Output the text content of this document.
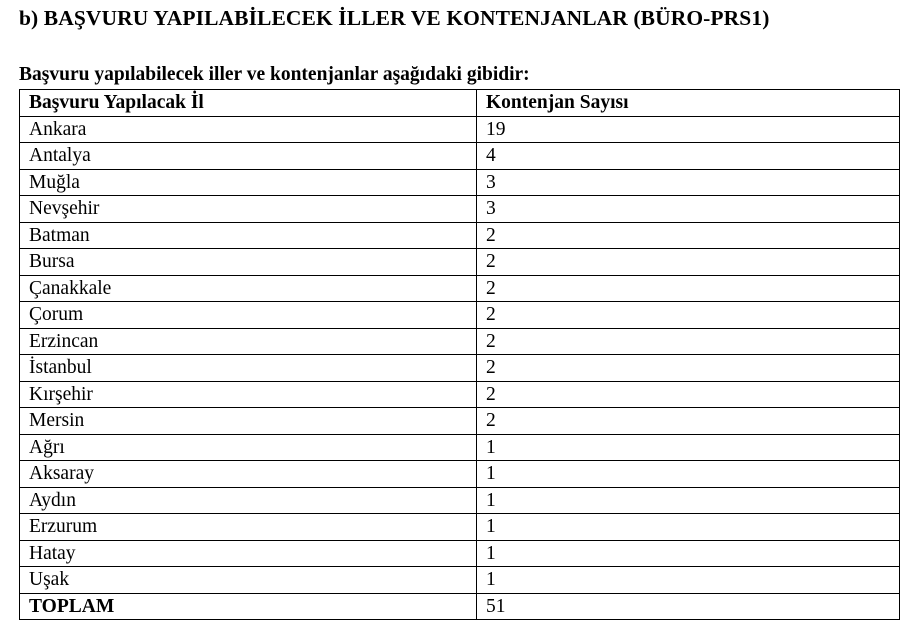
b) BAŞVURU YAPILABİLECEK İLLER VE KONTENJANLAR (BÜRO-PRS1)
Başvuru yapılabilecek iller ve kontenjanlar aşağıdaki gibidir:
Başvuru Yapılacak İl	Kontenjan Sayısı
Ankara	19
Antalya	4
Muğla	3
Nevşehir	3
Batman	2
Bursa	2
Çanakkale	2
Çorum	2
Erzincan	2
İstanbul	2
Kırşehir	2
Mersin	2
Ağrı	1
Aksaray	1
Aydın	1
Erzurum	1
Hatay	1
Uşak	1
TOPLAM	51
